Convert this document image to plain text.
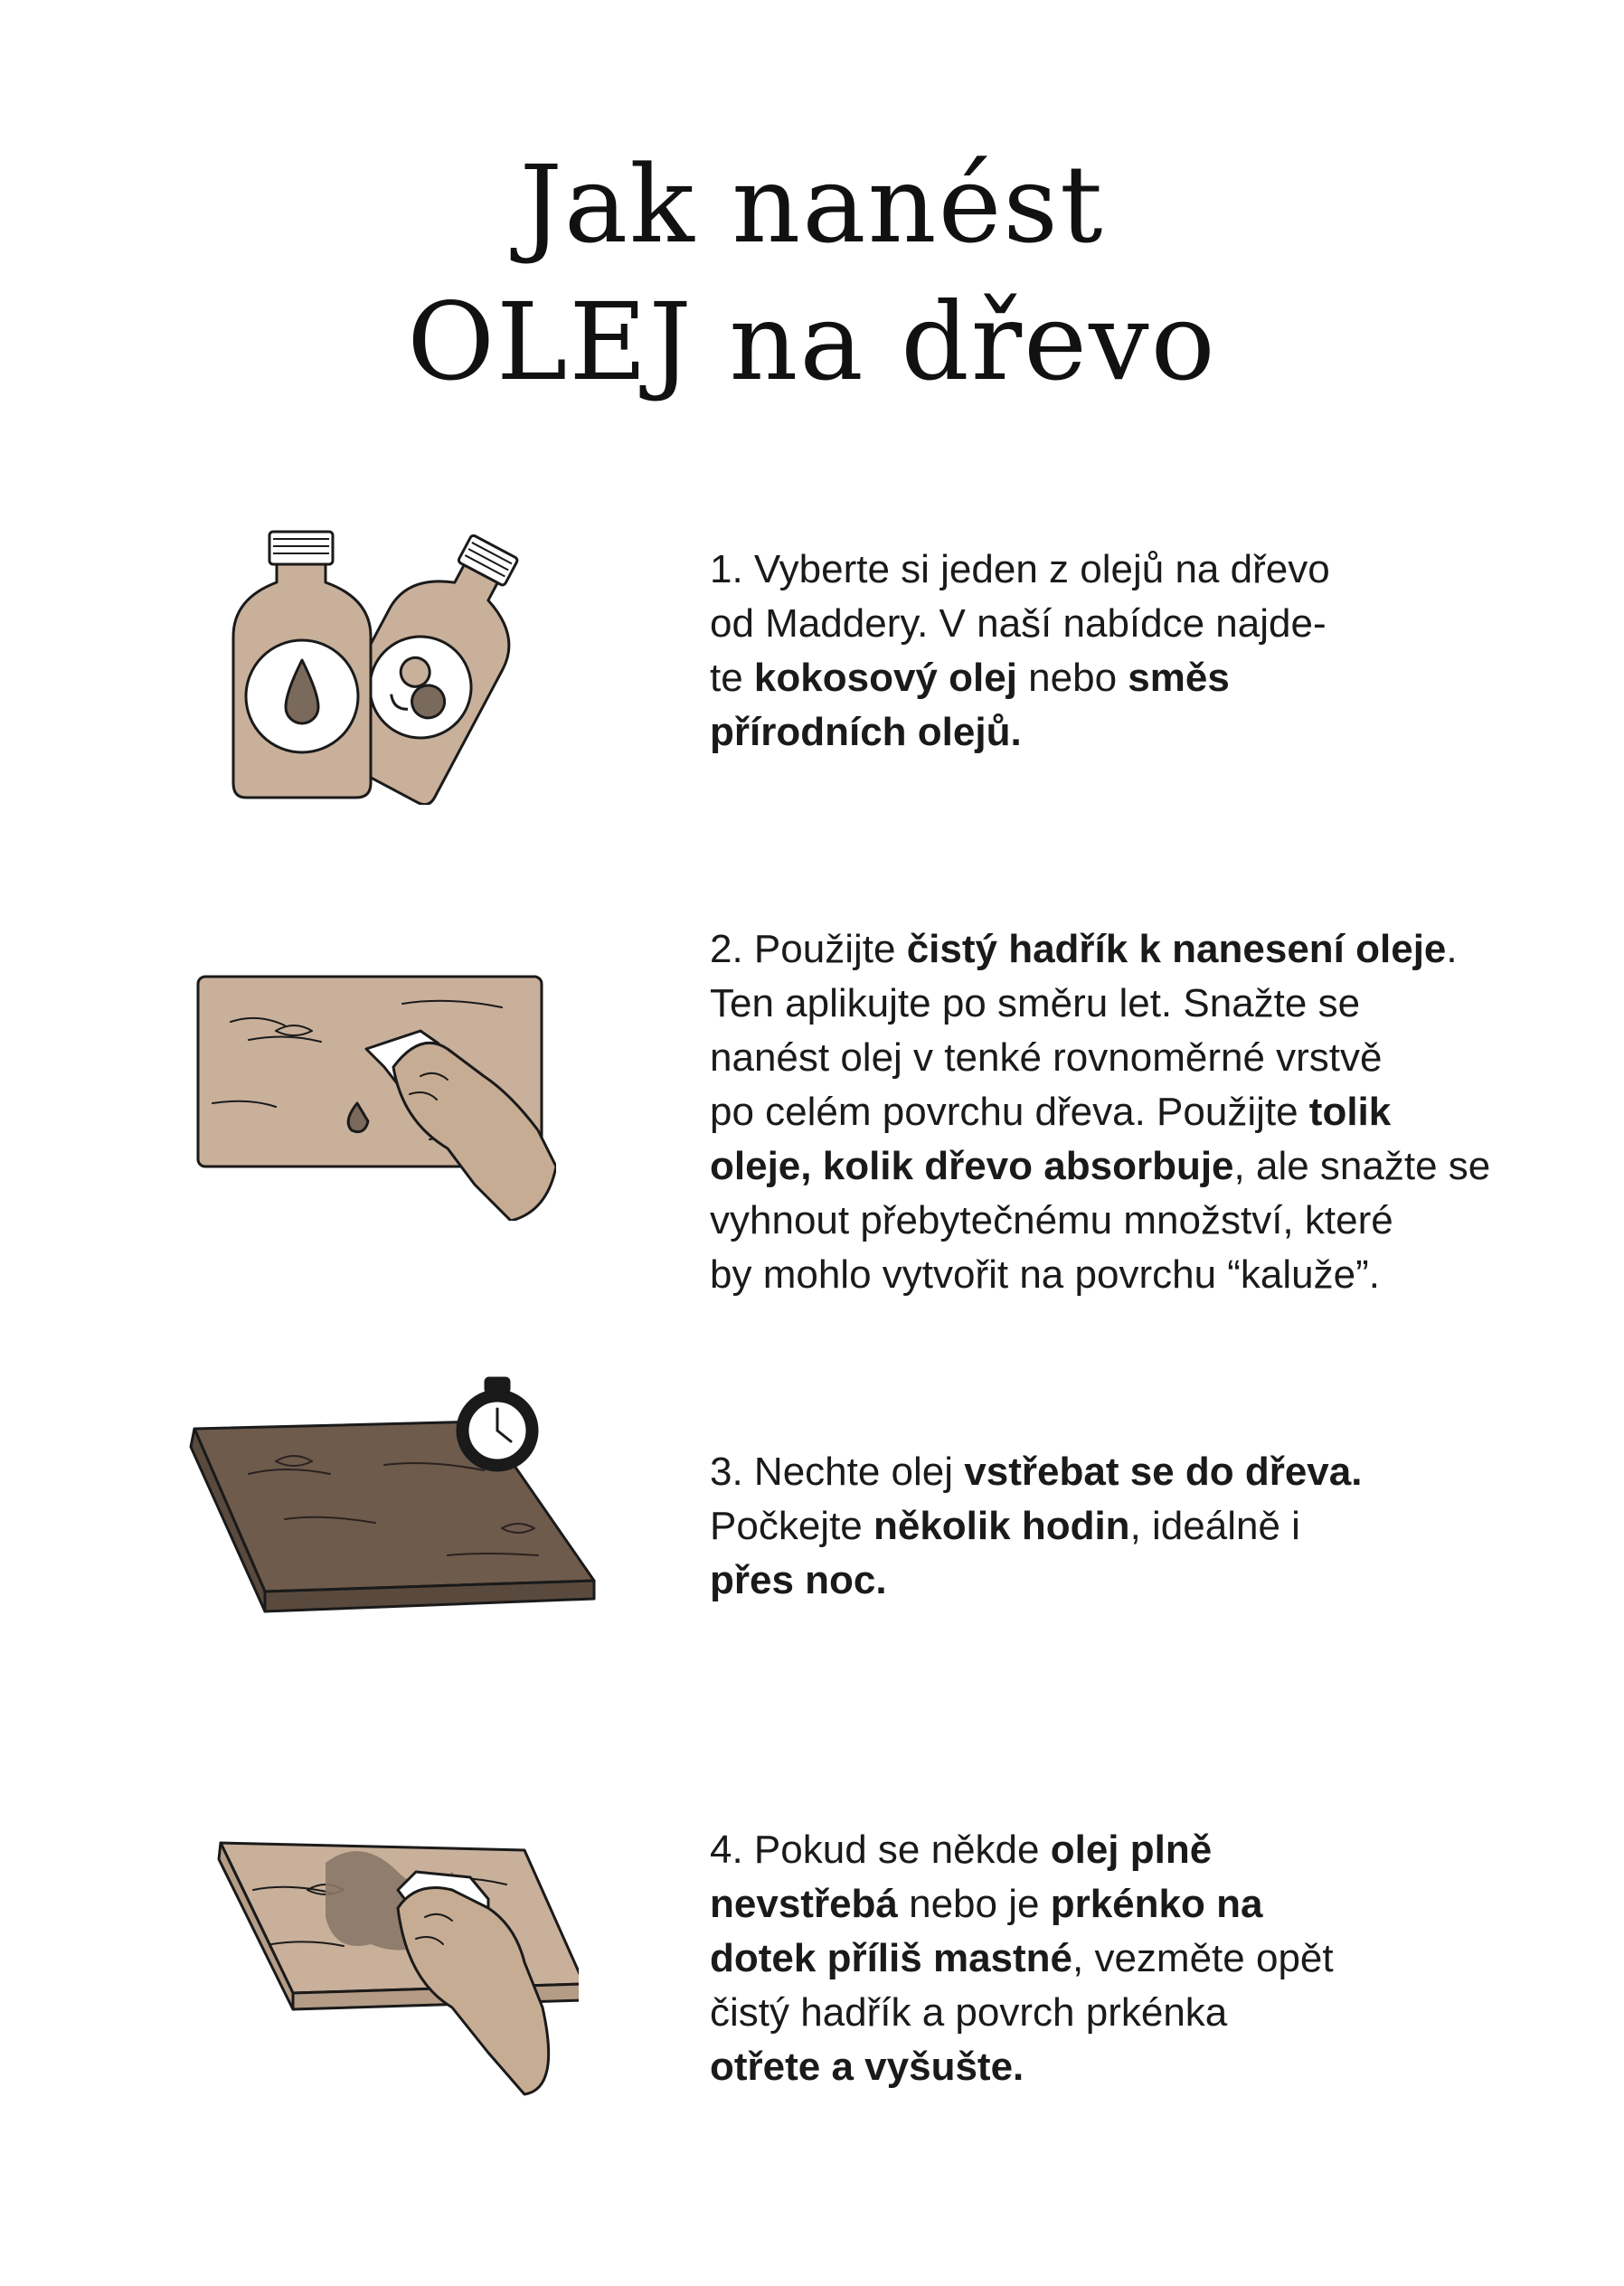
Jak nanést
OLEJ na dřevo
1. Vyberte si jeden z olejů na dřevo
od Maddery. V naší nabídce najde-
te kokosový olej nebo směs
přírodních olejů.
2. Použijte čistý hadřík k nanesení oleje.
Ten aplikujte po směru let. Snažte se
nanést olej v tenké rovnoměrné vrstvě
po celém povrchu dřeva. Použijte tolik
oleje, kolik dřevo absorbuje, ale snažte se
vyhnout přebytečnému množství, které
by mohlo vytvořit na povrchu “kaluže”.
3. Nechte olej vstřebat se do dřeva.
Počkejte několik hodin, ideálně i
přes noc.
4. Pokud se někde olej plně
nevstřebá nebo je prkénko na
dotek příliš mastné, vezměte opět
čistý hadřík a povrch prkénka
otřete a vyšušte.
